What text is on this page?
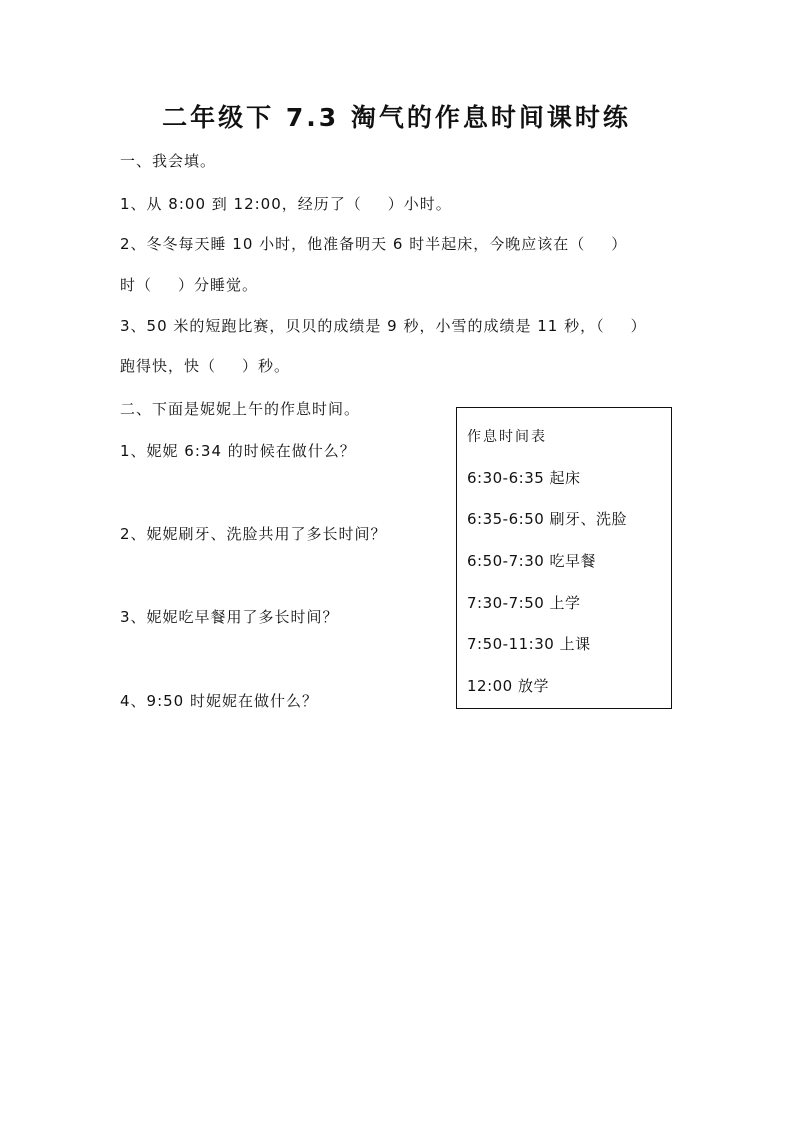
二年级下 7.3 淘气的作息时间课时练
一、我会填。
1、从 8:00 到 12:00，经历了（ ）小时。
2、冬冬每天睡 10 小时，他准备明天 6 时半起床，今晚应该在（ ）
时（ ）分睡觉。
3、50 米的短跑比赛，贝贝的成绩是 9 秒，小雪的成绩是 11 秒，（ ）
跑得快，快（ ）秒。
二、下面是妮妮上午的作息时间。
1、妮妮 6:34 的时候在做什么？
2、妮妮刷牙、洗脸共用了多长时间？
3、妮妮吃早餐用了多长时间？
4、9:50 时妮妮在做什么？
作息时间表
6:30-6:35 起床
6:35-6:50 刷牙、洗脸
6:50-7:30 吃早餐
7:30-7:50 上学
7:50-11:30 上课
12:00 放学
